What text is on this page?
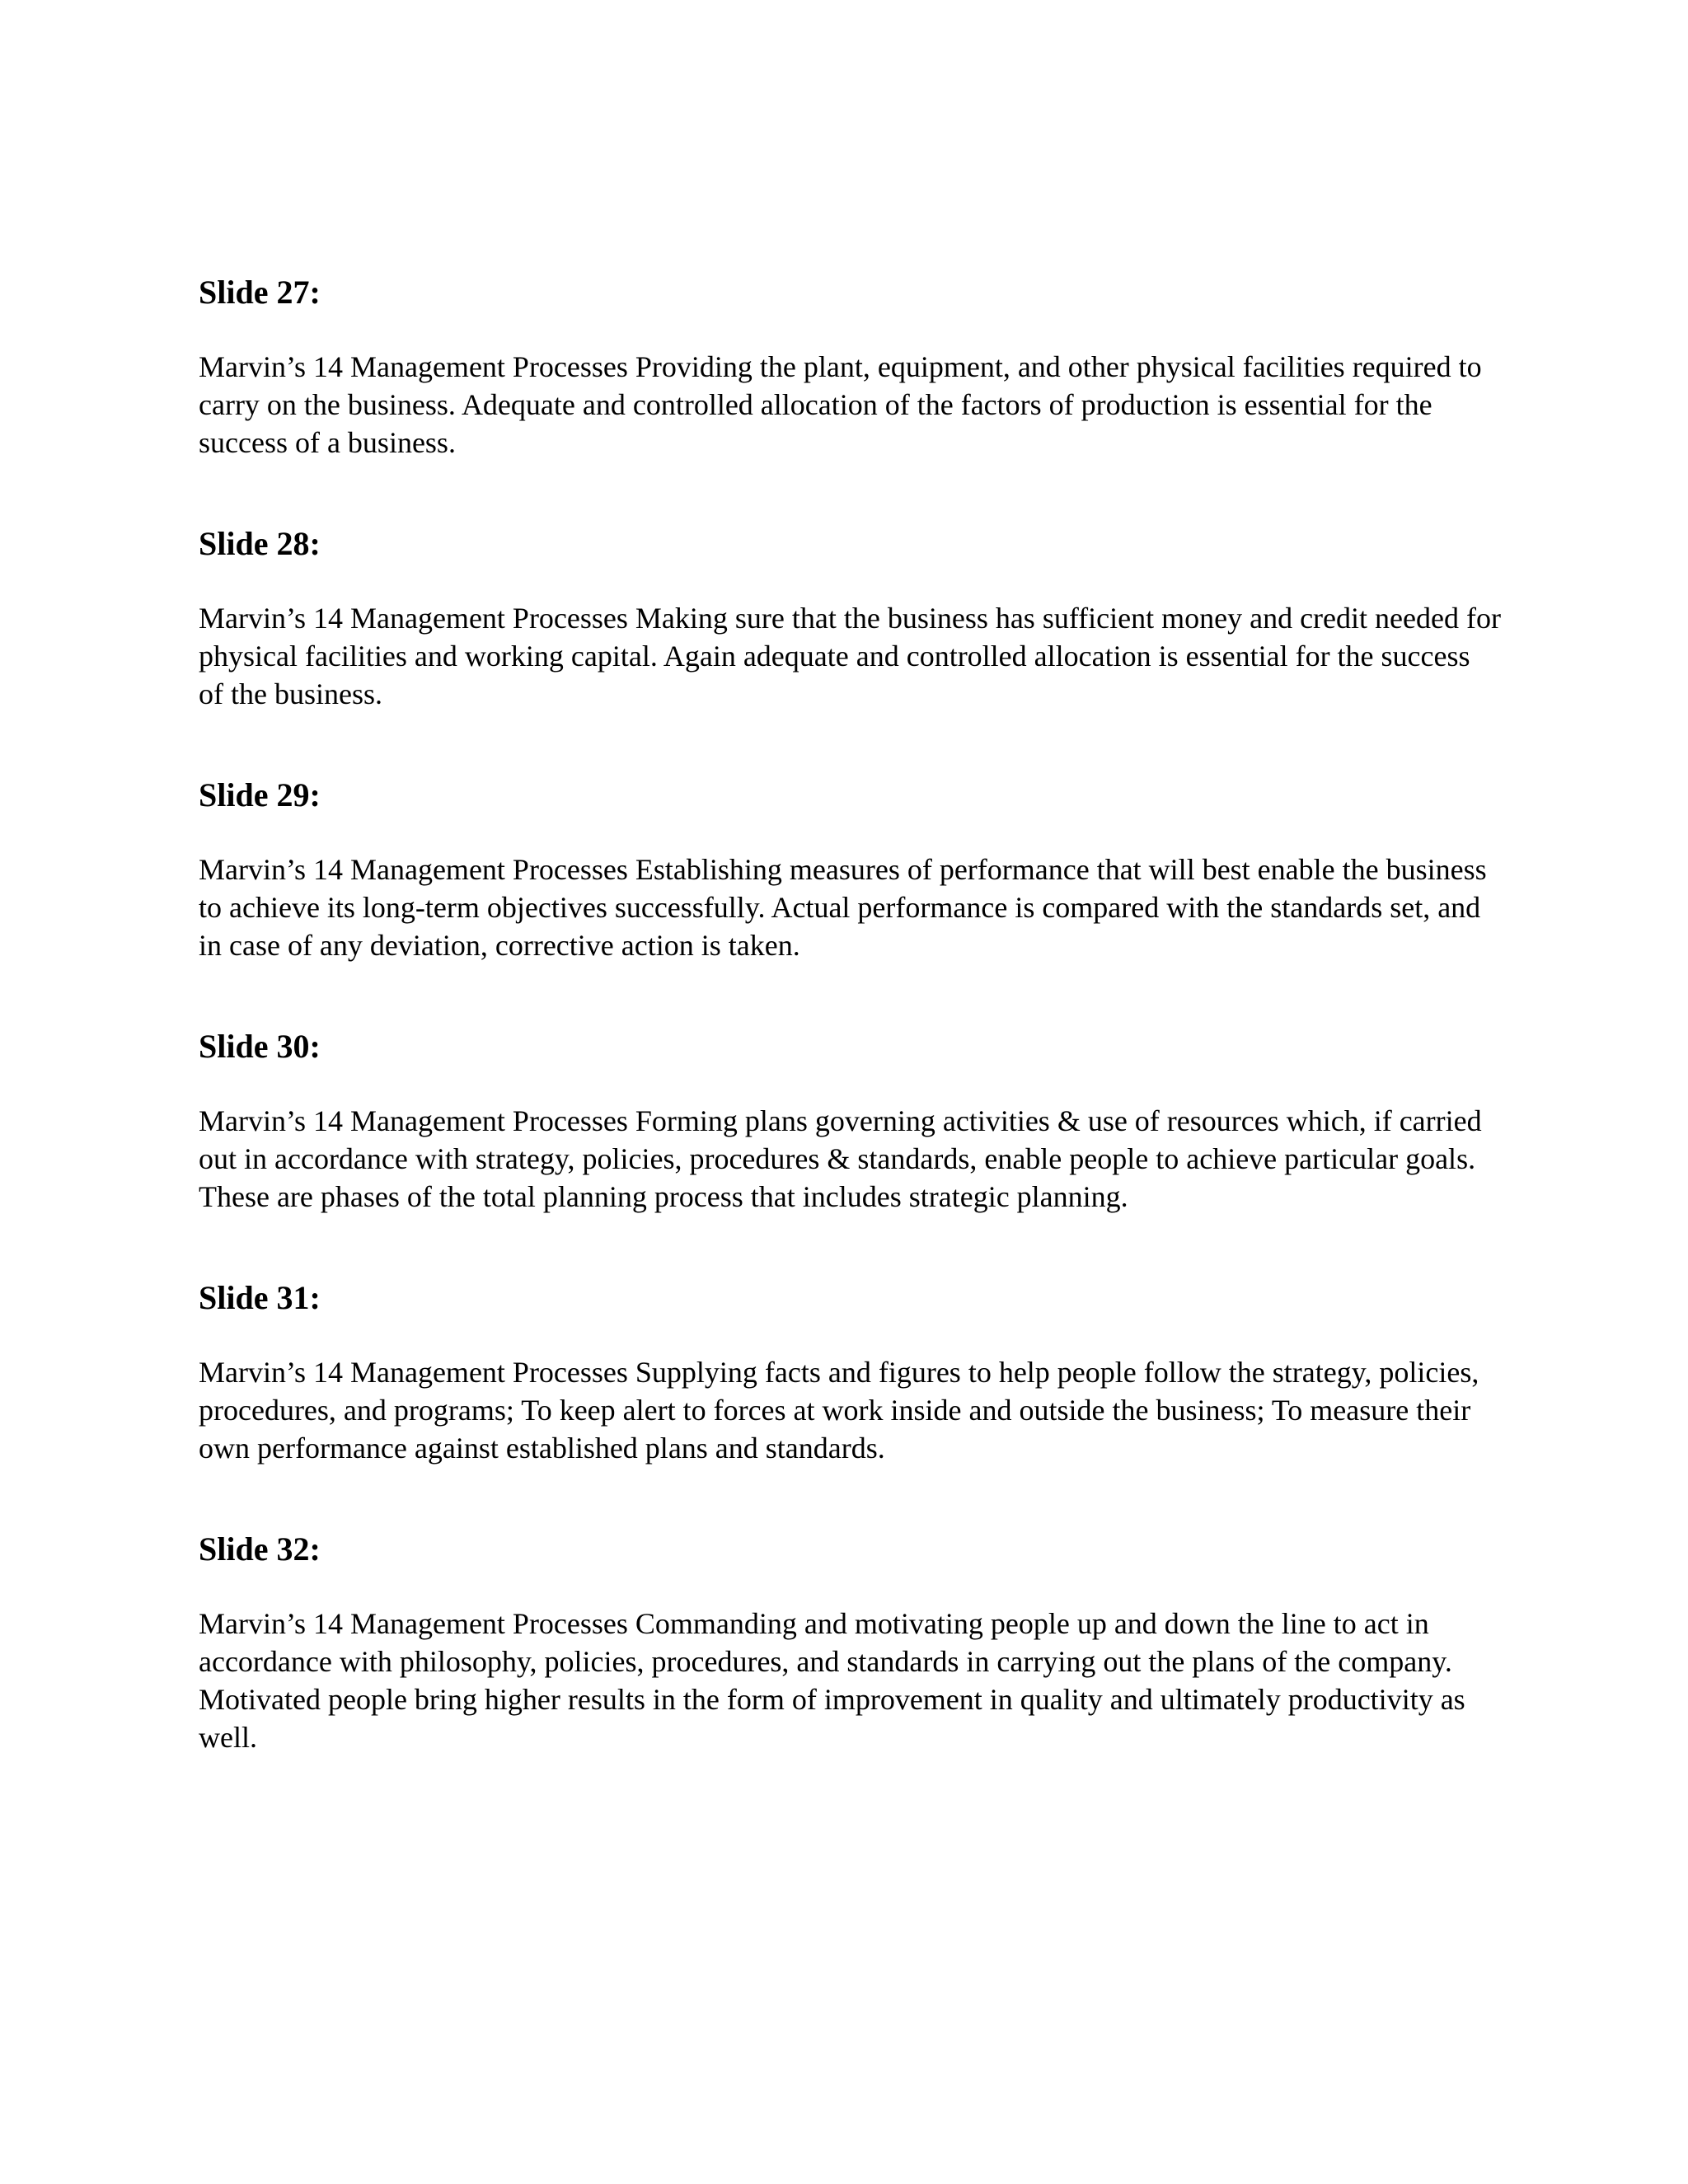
Slide 27:

Marvin’s 14 Management Processes Providing the plant, equipment, and other physical facilities required to carry on the business. Adequate and controlled allocation of the factors of production is essential for the success of a business.

Slide 28:

Marvin’s 14 Management Processes Making sure that the business has sufficient money and credit needed for physical facilities and working capital. Again adequate and controlled allocation is essential for the success of the business.

Slide 29:

Marvin’s 14 Management Processes Establishing measures of performance that will best enable the business to achieve its long-term objectives successfully. Actual performance is compared with the standards set, and in case of any deviation, corrective action is taken.

Slide 30:

Marvin’s 14 Management Processes Forming plans governing activities & use of resources which, if carried out in accordance with strategy, policies, procedures & standards, enable people to achieve particular goals. These are phases of the total planning process that includes strategic planning.

Slide 31:

Marvin’s 14 Management Processes Supplying facts and figures to help people follow the strategy, policies, procedures, and programs; To keep alert to forces at work inside and outside the business; To measure their own performance against established plans and standards.

Slide 32:

Marvin’s 14 Management Processes Commanding and motivating people up and down the line to act in accordance with philosophy, policies, procedures, and standards in carrying out the plans of the company. Motivated people bring higher results in the form of improvement in quality and ultimately productivity as well.
